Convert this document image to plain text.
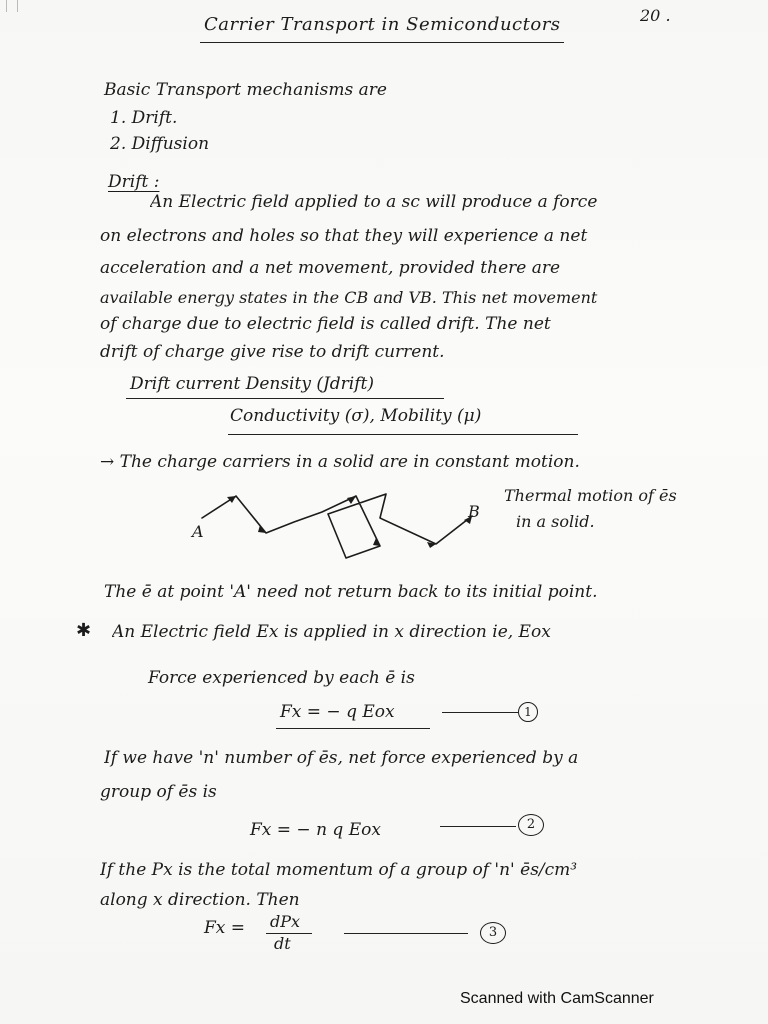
20 .
Carrier Transport in Semiconductors
Basic Transport mechanisms are
1. Drift.
2. Diffusion
Drift :
An Electric field applied to a sc will produce a force
on electrons and holes so that they will experience a net
acceleration and a net movement, provided there are
available energy states in the CB and VB. This net movement
of charge due to electric field is called drift. The net
drift of charge give rise to drift current.
Drift current Density (Jdrift)
Conductivity (σ), Mobility (μ)
→ The charge carriers in a solid are in constant motion.
A
B
Thermal motion of ēs
in a solid.
The ē at point 'A' need not return back to its initial point.
✱ An Electric field Ex is applied in x direction ie, Eox
Force experienced by each ē is
Fx = − q Eox	1
If we have 'n' number of ēs, net force experienced by a
group of ēs is
Fx = − n q Eox	2
If the Px is the total momentum of a group of 'n' ēs/cm³
along x direction. Then
Fx = dPx
dt
3
Scanned with CamScanner
